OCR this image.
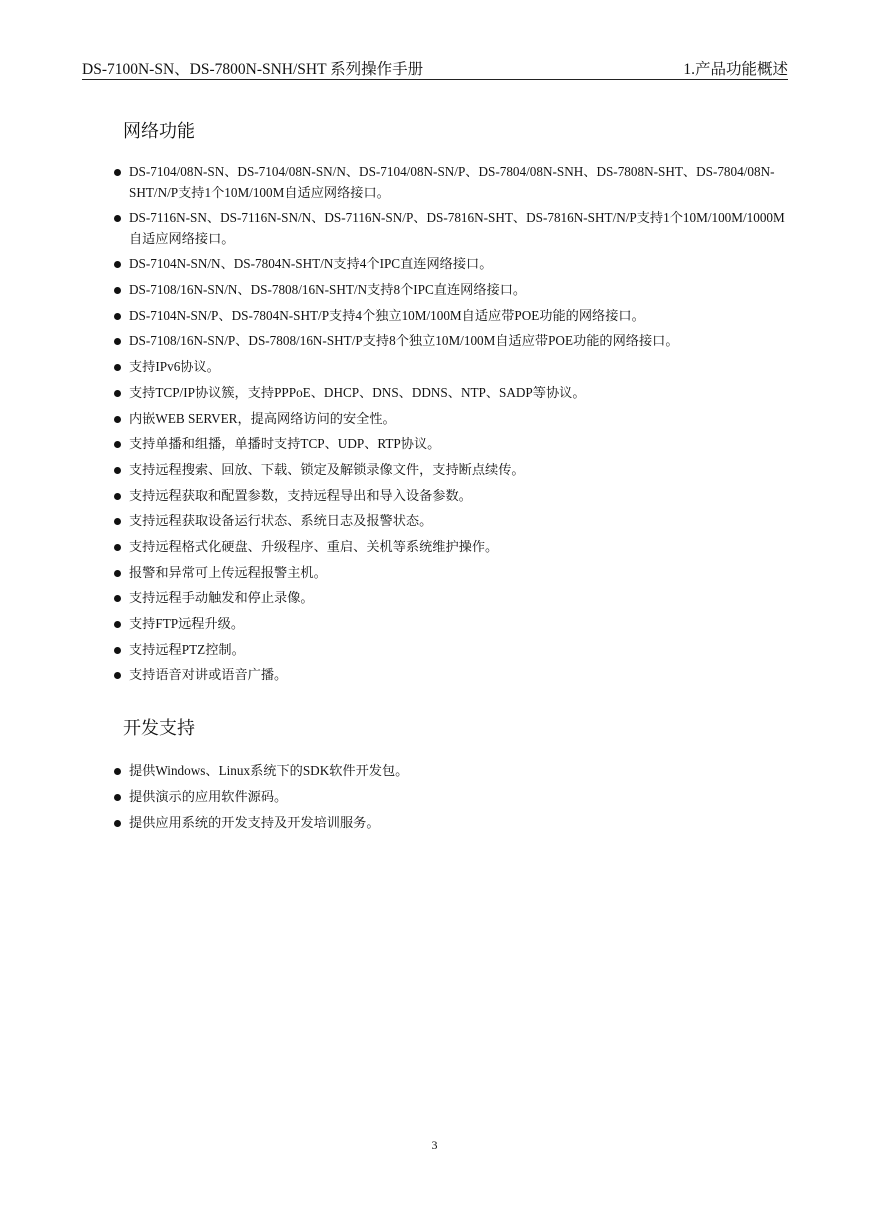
DS-7100N-SN、DS-7800N-SNH/SHT 系列操作手册	1.产品功能概述
网络功能
DS-7104/08N-SN、DS-7104/08N-SN/N、DS-7104/08N-SN/P、DS-7804/08N-SNH、DS-7808N-SHT、DS-7804/08N-SHT/N/P支持1个10M/100M自适应网络接口。
DS-7116N-SN、DS-7116N-SN/N、DS-7116N-SN/P、DS-7816N-SHT、DS-7816N-SHT/N/P支持1个10M/100M/1000M自适应网络接口。
DS-7104N-SN/N、DS-7804N-SHT/N支持4个IPC直连网络接口。
DS-7108/16N-SN/N、DS-7808/16N-SHT/N支持8个IPC直连网络接口。
DS-7104N-SN/P、DS-7804N-SHT/P支持4个独立10M/100M自适应带POE功能的网络接口。
DS-7108/16N-SN/P、DS-7808/16N-SHT/P支持8个独立10M/100M自适应带POE功能的网络接口。
支持IPv6协议。
支持TCP/IP协议簇，支持PPPoE、DHCP、DNS、DDNS、NTP、SADP等协议。
内嵌WEB SERVER，提高网络访问的安全性。
支持单播和组播，单播时支持TCP、UDP、RTP协议。
支持远程搜索、回放、下载、锁定及解锁录像文件，支持断点续传。
支持远程获取和配置参数，支持远程导出和导入设备参数。
支持远程获取设备运行状态、系统日志及报警状态。
支持远程格式化硬盘、升级程序、重启、关机等系统维护操作。
报警和异常可上传远程报警主机。
支持远程手动触发和停止录像。
支持FTP远程升级。
支持远程PTZ控制。
支持语音对讲或语音广播。
开发支持
提供Windows、Linux系统下的SDK软件开发包。
提供演示的应用软件源码。
提供应用系统的开发支持及开发培训服务。
3
